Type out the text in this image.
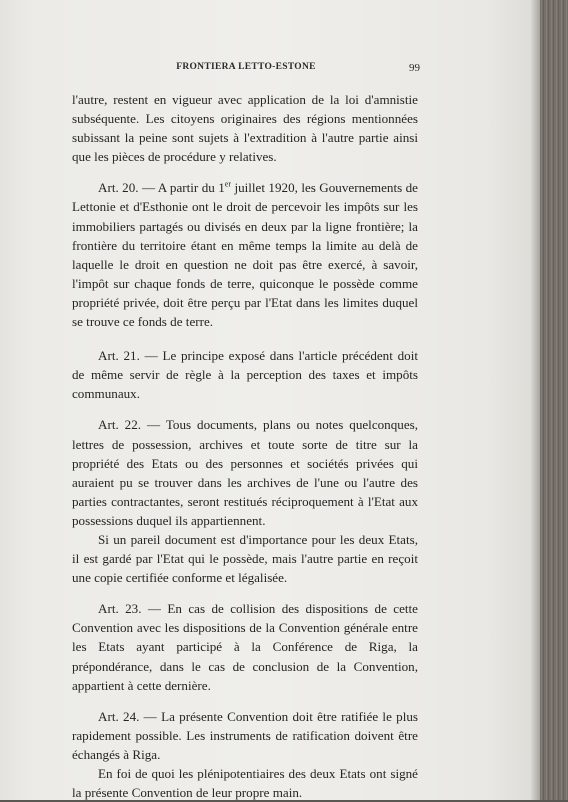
FRONTIERA LETTO-ESTONE	99

l'autre, restent en vigueur avec application de la loi d'amnistie subséquente. Les citoyens originaires des régions mentionnées subissant la peine sont sujets à l'extradition à l'autre partie ainsi que les pièces de procédure y relatives.

Art. 20. — A partir du 1er juillet 1920, les Gouvernements de Lettonie et d'Esthonie ont le droit de percevoir les impôts sur les immobiliers partagés ou divisés en deux par la ligne frontière; la frontière du territoire étant en même temps la limite au delà de laquelle le droit en question ne doit pas être exercé, à savoir, l'impôt sur chaque fonds de terre, quiconque le possède comme propriété privée, doit être perçu par l'Etat dans les limites duquel se trouve ce fonds de terre.

Art. 21. — Le principe exposé dans l'article précédent doit de même servir de règle à la perception des taxes et impôts communaux.

Art. 22. — Tous documents, plans ou notes quelconques, lettres de possession, archives et toute sorte de titre sur la propriété des Etats ou des personnes et sociétés privées qui auraient pu se trouver dans les archives de l'une ou l'autre des parties contractantes, seront restitués réciproquement à l'Etat aux possessions duquel ils appartiennent.

Si un pareil document est d'importance pour les deux Etats, il est gardé par l'Etat qui le possède, mais l'autre partie en reçoit une copie certifiée conforme et légalisée.

Art. 23. — En cas de collision des dispositions de cette Convention avec les dispositions de la Convention générale entre les Etats ayant participé à la Conférence de Riga, la prépondérance, dans le cas de conclusion de la Convention, appartient à cette dernière.

Art. 24. — La présente Convention doit être ratifiée le plus rapidement possible. Les instruments de ratification doivent être échangés à Riga.

En foi de quoi les plénipotentiaires des deux Etats ont signé la présente Convention de leur propre main.
